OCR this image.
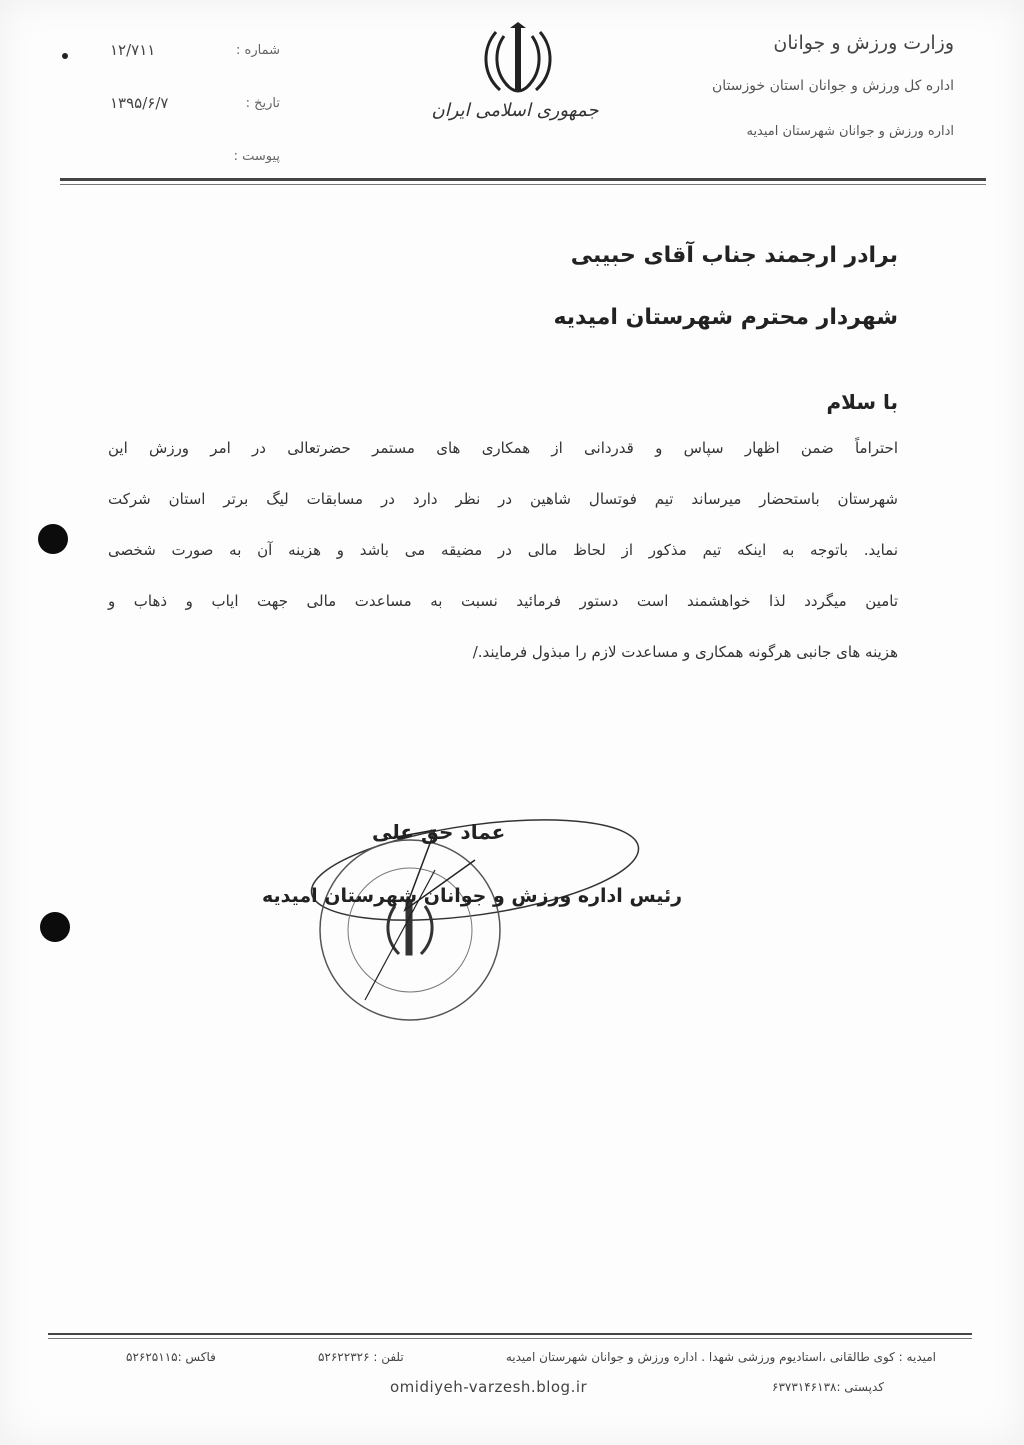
وزارت ورزش و جوانان
اداره کل ورزش و جوانان استان خوزستان
اداره ورزش و جوانان شهرستان امیدیه
جمهوری اسلامی ایران
۱۲/۷۱۱	شماره :
۱۳۹۵/۶/۷	تاریخ :
پیوست :
برادر ارجمند جناب آقای حبیبی
شهردار محترم شهرستان امیدیه
با سلام
احتراماً ضمن اظهار سپاس و قدردانی از همکاری های مستمر حضرتعالی در امر ورزش این
شهرستان باستحضار میرساند تیم فوتسال شاهین در نظر دارد در مسابقات لیگ برتر استان شرکت
نماید. باتوجه به اینکه تیم مذکور از لحاظ مالی در مضیقه می باشد و هزینه آن به صورت شخصی
تامین میگردد لذا خواهشمند است دستور فرمائید نسبت به مساعدت مالی جهت ایاب و ذهاب و
هزینه های جانبی هرگونه همکاری و مساعدت لازم را مبذول فرمایند./
عماد حق علی
رئیس اداره ورزش و جوانان شهرستان امیدیه
امیدیه : کوی طالقانی ،استادیوم ورزشی شهدا . اداره ورزش و جوانان شهرستان امیدیه
تلفن : ۵۲۶۲۲۳۲۶
فاکس :۵۲۶۲۵۱۱۵
omidiyeh-varzesh.blog.ir	کدپستی :۶۳۷۳۱۴۶۱۳۸
